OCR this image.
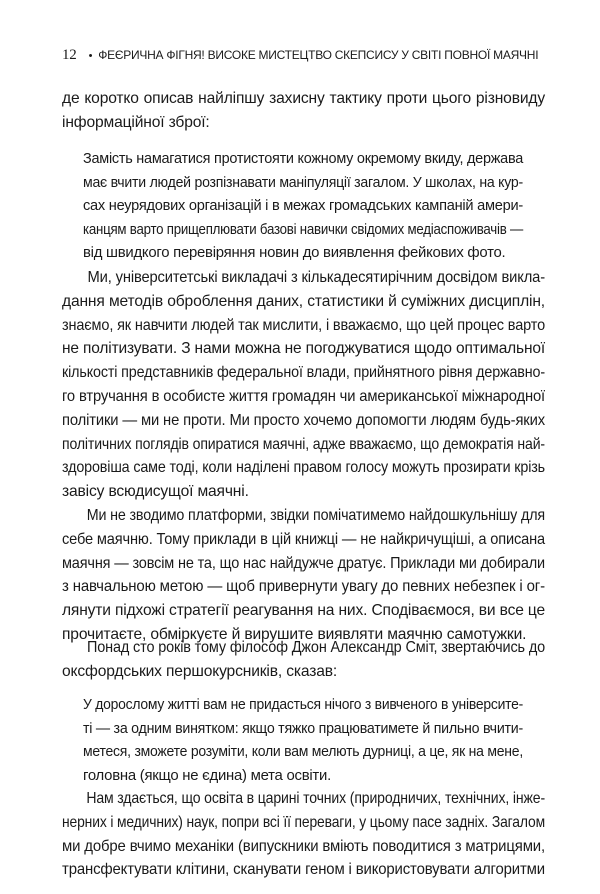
12 • ФЕЄРИЧНА ФІГНЯ! ВИСОКЕ МИСТЕЦТВО СКЕПСИСУ У СВІТІ ПОВНОЇ МАЯЧНІ
де коротко описав найліпшу захисну тактику проти цього різновиду
інформаційної зброї:
Замість намагатися протистояти кожному окремому вкиду, держава
має вчити людей розпізнавати маніпуляції загалом. У школах, на кур-
сах неурядових організацій і в межах громадських кампаній амери-
канцям варто прищеплювати базові навички свідомих медіаспоживачів —
від швидкого перевіряння новин до виявлення фейкових фото.
Ми, університетські викладачі з кількадесятирічним досвідом викла-
дання методів оброблення даних, статистики й суміжних дисциплін,
знаємо, як навчити людей так мислити, і вважаємо, що цей процес варто
не політизувати. З нами можна не погоджуватися щодо оптимальної
кількості представників федеральної влади, прийнятного рівня державно-
го втручання в особисте життя громадян чи американської міжнародної
політики — ми не проти. Ми просто хочемо допомогти людям будь-яких
політичних поглядів опиратися маячні, адже вважаємо, що демократія най-
здоровіша саме тоді, коли наділені правом голосу можуть прозирати крізь
завісу всюдисущої маячні.
Ми не зводимо платформи, звідки помічатимемо найдошкульнішу для
себе маячню. Тому приклади в цій книжці — не найкричущіші, а описана
маячня — зовсім не та, що нас найдужче дратує. Приклади ми добирали
з навчальною метою — щоб привернути увагу до певних небезпек і ог-
лянути підхожі стратегії реагування на них. Сподіваємося, ви все це
прочитаєте, обміркуєте й вирушите виявляти маячню самотужки.
Понад сто років тому філософ Джон Александр Сміт, звертаючись до
оксфордських першокурсників, сказав:
У дорослому житті вам не придасться нічого з вивченого в університе-
ті — за одним винятком: якщо тяжко працюватимете й пильно вчити-
метеся, зможете розуміти, коли вам мелють дурниці, а це, як на мене,
головна (якщо не єдина) мета освіти.
Нам здається, що освіта в царині точних (природничих, технічних, інже-
нерних і медичних) наук, попри всі її переваги, у цьому пасе задніх. Загалом
ми добре вчимо механіки (випускники вміють поводитися з матрицями,
трансфектувати клітини, сканувати геном і використовувати алгоритми
